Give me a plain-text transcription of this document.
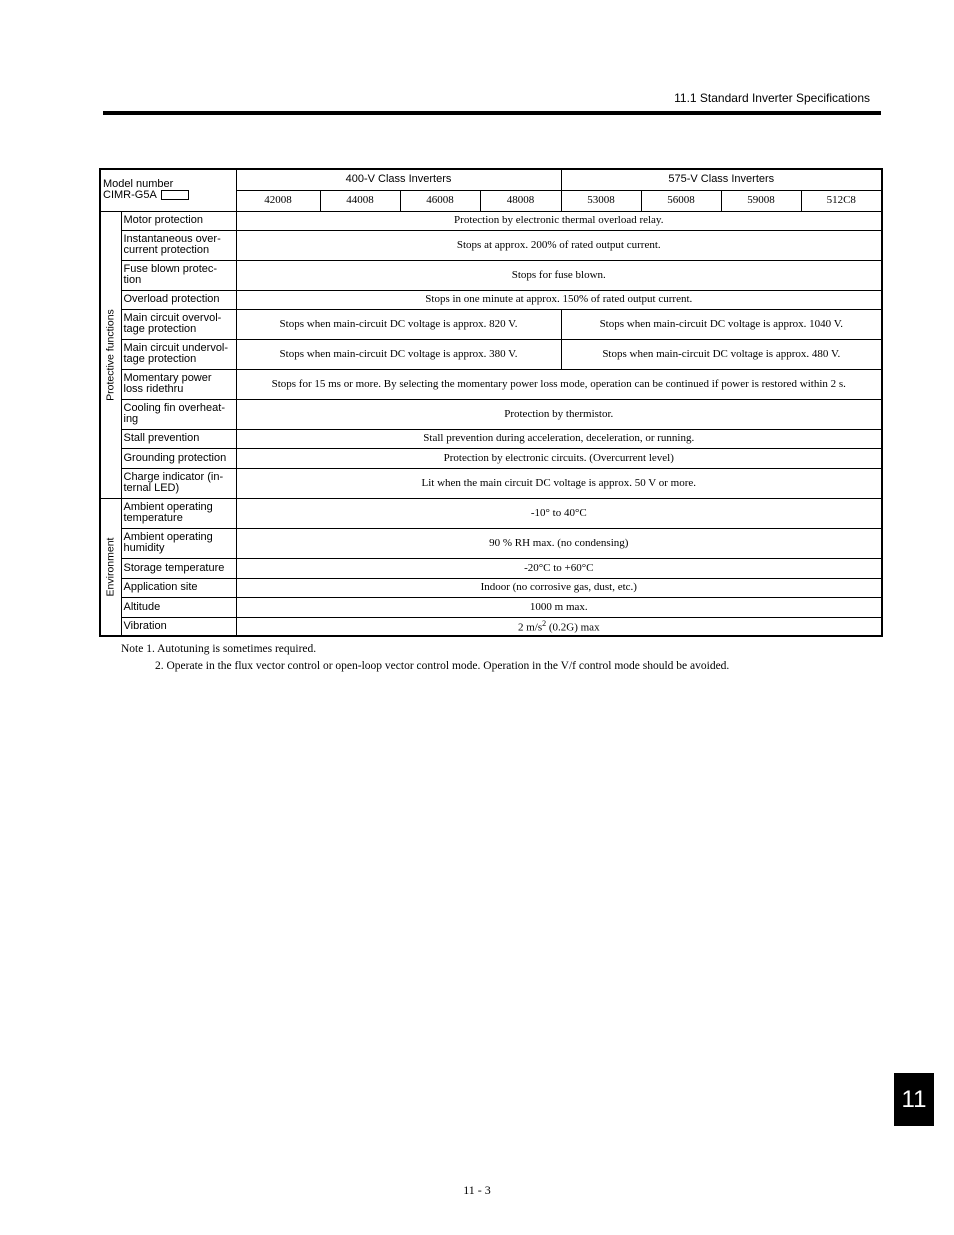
11.1 Standard Inverter Specifications
Model number
CIMR-G5A		400-V Class Inverters				575-V Class Inverters			
		42008	44008	46008	48008	53008	56008	59008	512C8

Protective functions	Motor protection	Protection by electronic thermal overload relay.							
	Instantaneous over-current protection	Stops at approx. 200% of rated output current.							
	Fuse blown protec-tion	Stops for fuse blown.							
	Overload protection	Stops in one minute at approx. 150% of rated output current.							
	Main circuit overvol-tage protection	Stops when main-circuit DC voltage is approx. 820 V.				Stops when main-circuit DC voltage is approx. 1040 V.			
	Main circuit undervol-tage protection	Stops when main-circuit DC voltage is approx. 380 V.				Stops when main-circuit DC voltage is approx. 480 V.			
	Momentary power loss ridethru	Stops for 15 ms or more. By selecting the momentary power loss mode, operation can be continued if power is restored within 2 s.							
	Cooling fin overheat-ing	Protection by thermistor.							
	Stall prevention	Stall prevention during acceleration, deceleration, or running.							
	Grounding protection	Protection by electronic circuits. (Overcurrent level)							
	Charge indicator (in-ternal LED)	Lit when the main circuit DC voltage is approx. 50 V or more.							

Environment	Ambient operating temperature	-10° to 40°C							
	Ambient operating humidity	90 % RH max. (no condensing)							
	Storage temperature	-20°C to +60°C							
	Application site	Indoor (no corrosive gas, dust, etc.)							
	Altitude	1000 m max.							
	Vibration	2 $m/s^2$ (0.2G) max							
Note 1. Autotuning is sometimes required.
2. Operate in the flux vector control or open-loop vector control mode. Operation in the V/f control mode should be avoided.
11
11 - 3
